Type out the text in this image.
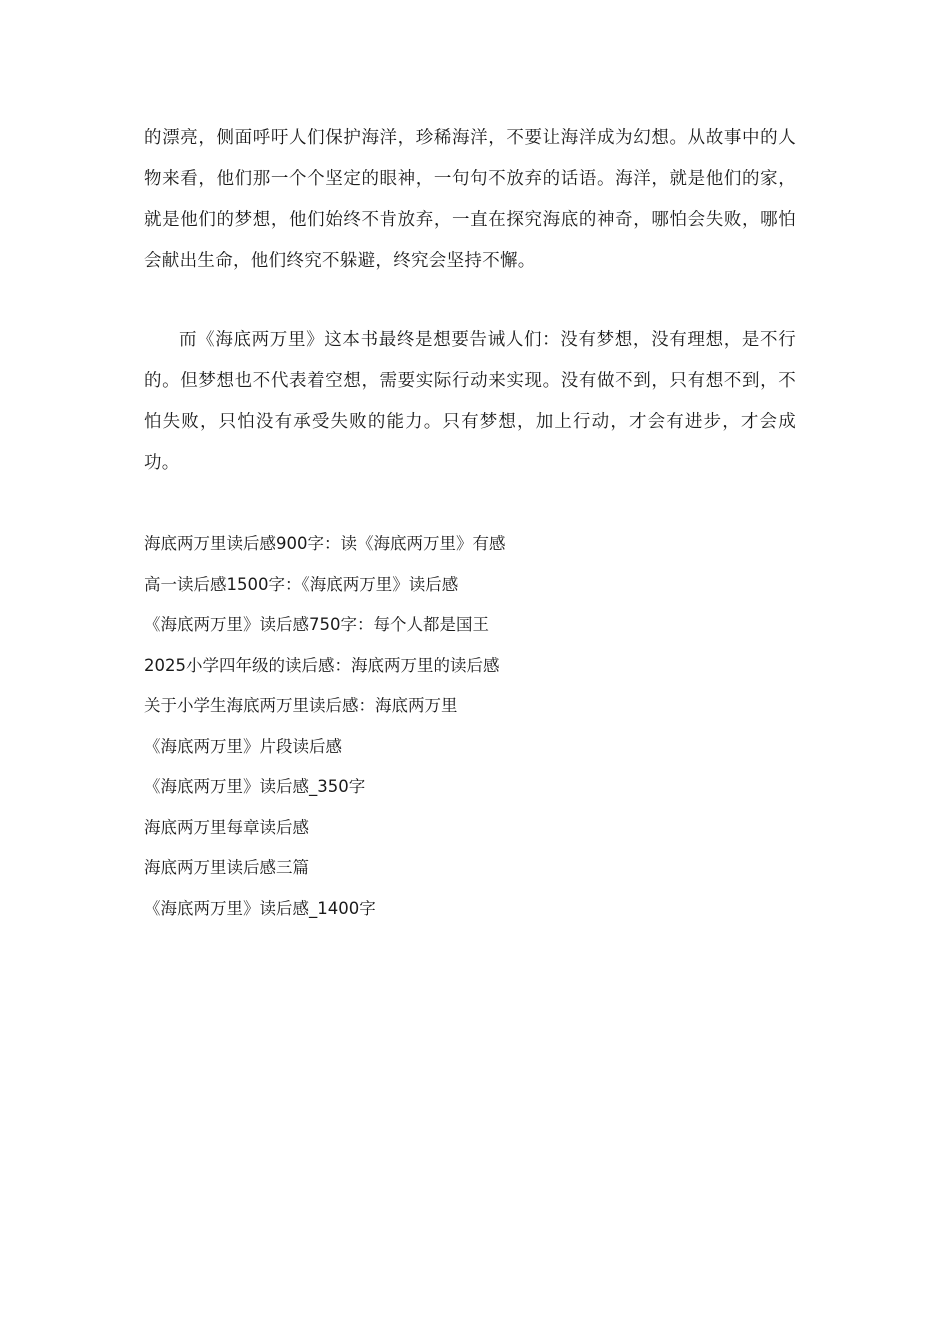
的漂亮，侧面呼吁人们保护海洋，珍稀海洋，不要让海洋成为幻想。从故事中的人物来看，他们那一个个坚定的眼神，一句句不放弃的话语。海洋，就是他们的家，就是他们的梦想，他们始终不肯放弃，一直在探究海底的神奇，哪怕会失败，哪怕会献出生命，他们终究不躲避，终究会坚持不懈。

而《海底两万里》这本书最终是想要告诫人们：没有梦想，没有理想，是不行的。但梦想也不代表着空想，需要实际行动来实现。没有做不到，只有想不到，不怕失败，只怕没有承受失败的能力。只有梦想，加上行动，才会有进步，才会成功。

海底两万里读后感900字：读《海底两万里》有感
高一读后感1500字：《海底两万里》读后感
《海底两万里》读后感750字：每个人都是国王
2025小学四年级的读后感：海底两万里的读后感
关于小学生海底两万里读后感：海底两万里
《海底两万里》片段读后感
《海底两万里》读后感_350字
海底两万里每章读后感
海底两万里读后感三篇
《海底两万里》读后感_1400字
